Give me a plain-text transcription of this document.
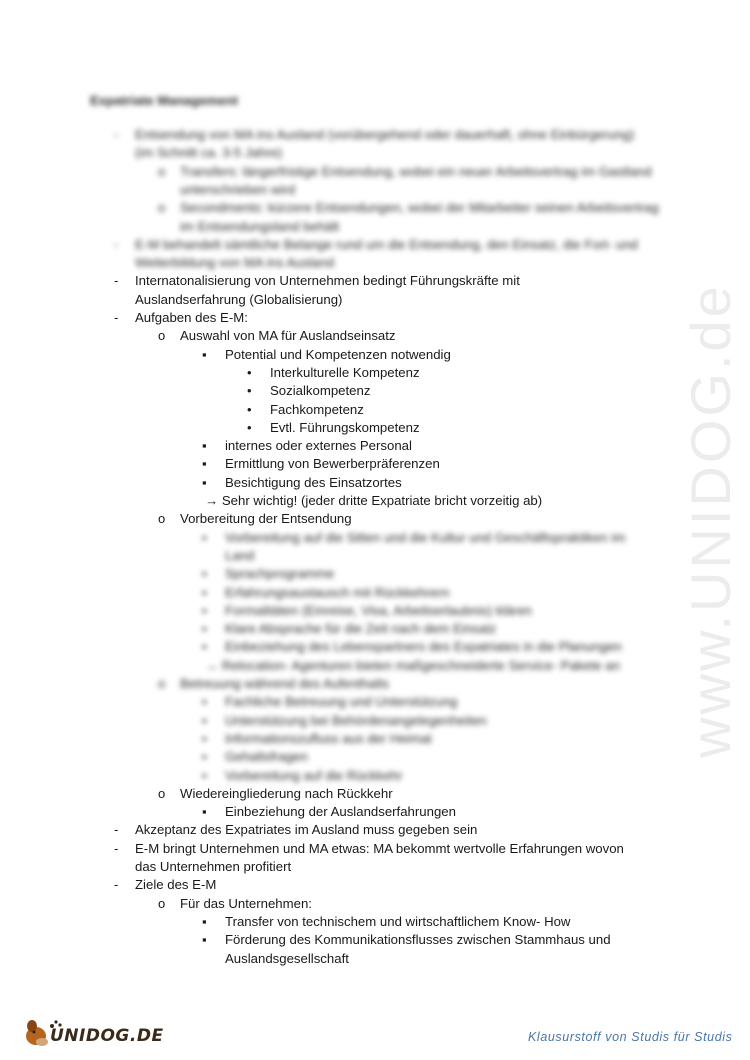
www.UNIDOG.de
Expatriate Management
- Entsendung von MA ins Ausland (vorübergehend oder dauerhaft, ohne Einbürgerung)
(im Schnitt ca. 3-5 Jahre)
o Transfers: längerfristige Entsendung, wobei ein neuer Arbeitsvertrag im Gastland
unterschrieben wird
o Secondments: kürzere Entsendungen, wobei der Mitarbeiter seinen Arbeitsvertrag
im Entsendungsland behält
- E-M behandelt sämtliche Belange rund um die Entsendung, den Einsatz, die Fort- und
Weiterbildung von MA ins Ausland
- Internatonalisierung von Unternehmen bedingt Führungskräfte mit
Auslandserfahrung (Globalisierung)
- Aufgaben des E-M:
o Auswahl von MA für Auslandseinsatz
▪ Potential und Kompetenzen notwendig
• Interkulturelle Kompetenz
• Sozialkompetenz
• Fachkompetenz
• Evtl. Führungskompetenz
▪ internes oder externes Personal
▪ Ermittlung von Bewerberpräferenzen
▪ Besichtigung des Einsatzortes
→ Sehr wichtig! (jeder dritte Expatriate bricht vorzeitig ab)
o Vorbereitung der Entsendung
▪ Vorbereitung auf die Sitten und die Kultur und Geschäftspraktiken im
Land
▪ Sprachprogramme
▪ Erfahrungsaustausch mit Rückkehrern
▪ Formalitäten (Einreise, Visa, Arbeitserlaubnis) klären
▪ Klare Absprache für die Zeit nach dem Einsatz
▪ Einbeziehung des Lebenspartners des Expatriates in die Planungen
→ Relocation- Agenturen bieten maßgeschneiderte Service- Pakete an
o Betreuung während des Aufenthalts
▪ Fachliche Betreuung und Unterstützung
▪ Unterstützung bei Behördenangelegenheiten
▪ Informationszufluss aus der Heimat
▪ Gehaltsfragen
▪ Vorbereitung auf die Rückkehr
o Wiedereingliederung nach Rückkehr
▪ Einbeziehung der Auslandserfahrungen
- Akzeptanz des Expatriates im Ausland muss gegeben sein
- E-M bringt Unternehmen und MA etwas: MA bekommt wertvolle Erfahrungen wovon
das Unternehmen profitiert
- Ziele des E-M
o Für das Unternehmen:
▪ Transfer von technischem und wirtschaftlichem Know- How
▪ Förderung des Kommunikationsflusses zwischen Stammhaus und
Auslandsgesellschaft
UNIDOG.DE	Klausurstoff von Studis für Studis
